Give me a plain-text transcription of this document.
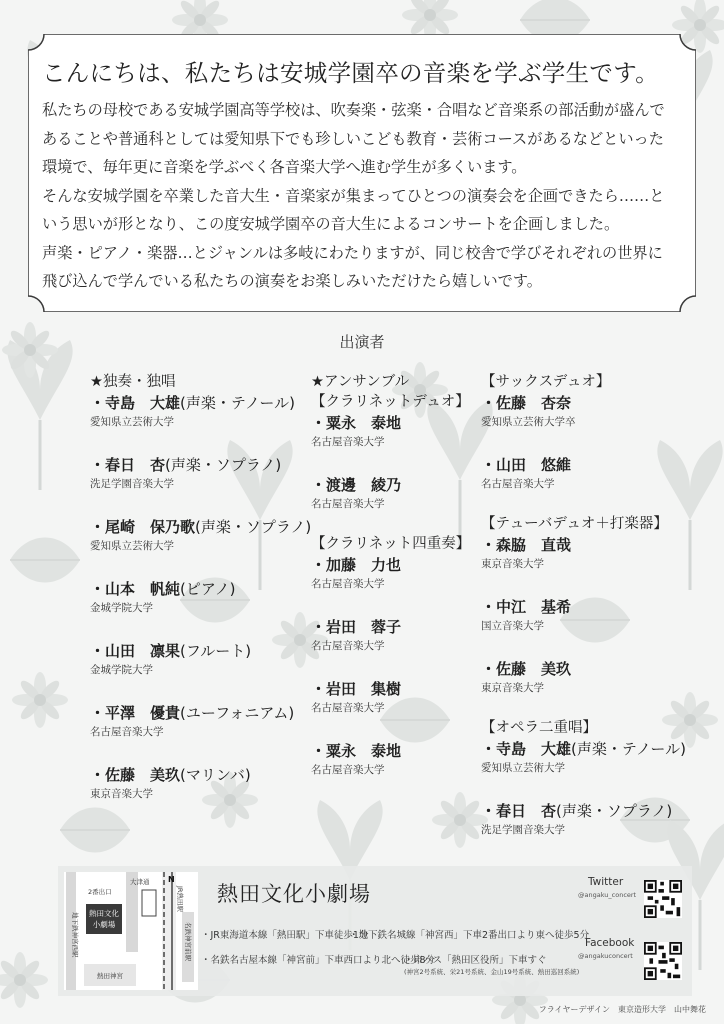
こんにちは、私たちは安城学園卒の音楽を学ぶ学生です。

私たちの母校である安城学園高等学校は、吹奏楽・弦楽・合唱など音楽系の部活動が盛んで

あることや普通科としては愛知県下でも珍しいこども教育・芸術コースがあるなどといった

環境で、毎年更に音楽を学ぶべく各音楽大学へ進む学生が多くいます。

そんな安城学園を卒業した音大生・音楽家が集まってひとつの演奏会を企画できたら……と

いう思いが形となり、この度安城学園卒の音大生によるコンサートを企画しました。

声楽・ピアノ・楽器…とジャンルは多岐にわたりますが、同じ校舎で学びそれぞれの世界に

飛び込んで学んでいる私たちの演奏をお楽しみいただけたら嬉しいです。

出演者
★独奏・独唱
・寺島　大雄(声楽・テノール)
愛知県立芸術大学
・春日　杏(声楽・ソプラノ)
洗足学園音楽大学
・尾崎　保乃歌(声楽・ソプラノ)
愛知県立芸術大学
・山本　帆純(ピアノ)
金城学院大学
・山田　凛果(フルート)
金城学院大学
・平澤　優貴(ユーフォニアム)
名古屋音楽大学
・佐藤　美玖(マリンバ)
東京音楽大学
★アンサンブル
【クラリネットデュオ】
・粟永　泰地
名古屋音楽大学
・渡邊　綾乃
名古屋音楽大学
【クラリネット四重奏】
・加藤　力也
名古屋音楽大学
・岩田　蓉子
名古屋音楽大学
・岩田　集樹
名古屋音楽大学
・粟永　泰地
名古屋音楽大学
【サックスデュオ】
・佐藤　杏奈
愛知県立芸術大学卒
・山田　悠維
名古屋音楽大学
【テューバデュオ＋打楽器】
・森脇　直哉
東京音楽大学
・中江　基希
国立音楽大学
・佐藤　美玖
東京音楽大学
【オペラ二重唱】
・寺島　大雄(声楽・テノール)
愛知県立芸術大学
・春日　杏(声楽・ソプラノ)
洗足学園音楽大学
熱田文化
小劇場
熱田神宮
2番出口
大津通 N
地下鉄神宮西駅
JR熱田駅
名鉄神宮前駅
熱田文化小劇場
・JR東海道本線「熱田駅」下車徒歩1分
・地下鉄名城線「神宮西」下車2番出口より東へ徒歩5分
・名鉄名古屋本線「神宮前」下車西口より北へ徒歩8分
・市バス「熱田区役所」下車すぐ
(神宮2号系統、栄21号系統、金山19号系統、熱田巡回系統)
Twitter
@angaku_concert
Facebook
@angakuconcert
フライヤーデザイン　東京造形大学　山中舞花
